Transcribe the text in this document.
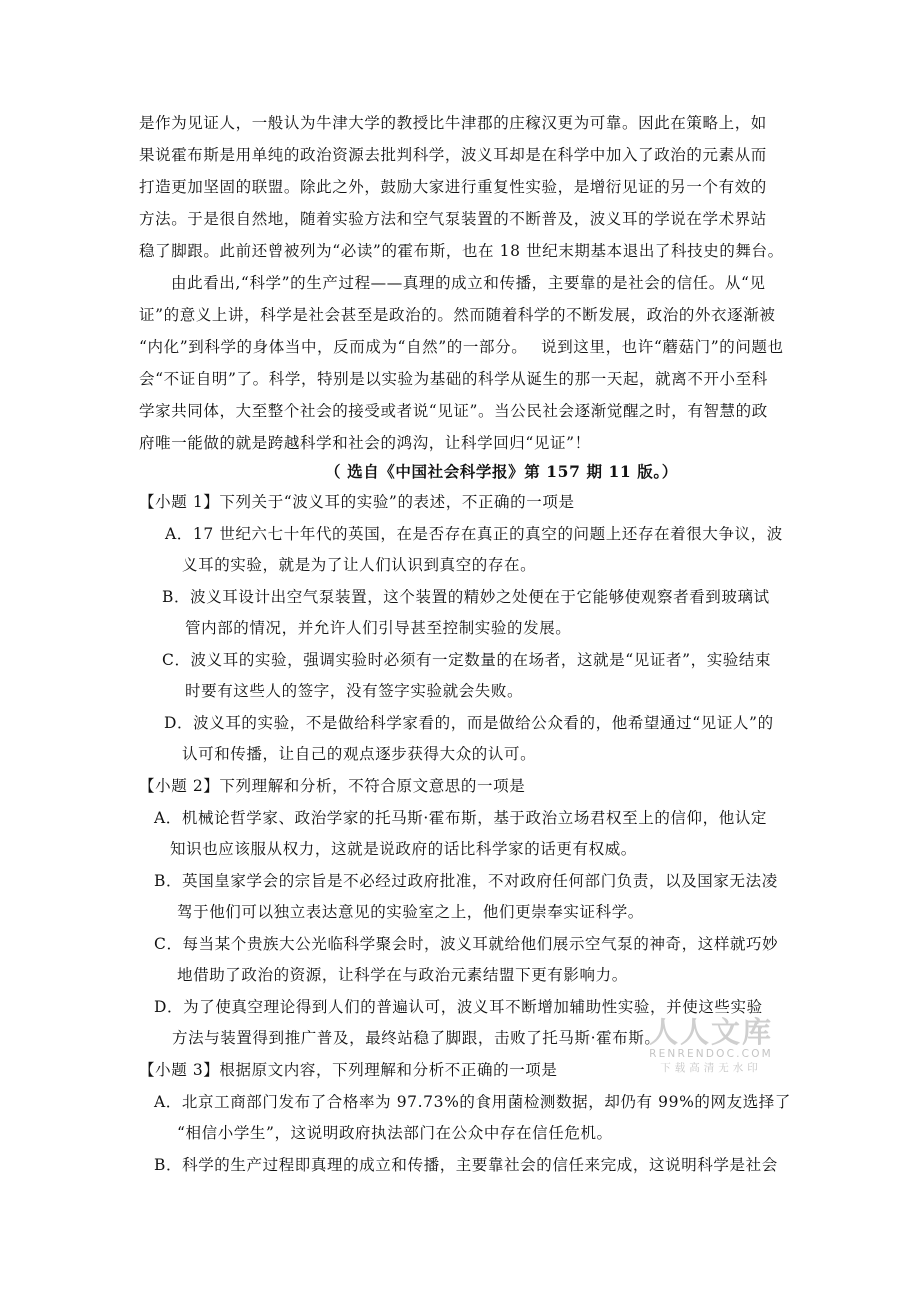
是作为见证人，一般认为牛津大学的教授比牛津郡的庄稼汉更为可靠。因此在策略上，如

果说霍布斯是用单纯的政治资源去批判科学，波义耳却是在科学中加入了政治的元素从而

打造更加坚固的联盟。除此之外，鼓励大家进行重复性实验，是增衍见证的另一个有效的

方法。于是很自然地，随着实验方法和空气泵装置的不断普及，波义耳的学说在学术界站

稳了脚跟。此前还曾被列为“必读”的霍布斯，也在 18 世纪末期基本退出了科技史的舞台。

由此看出,“科学”的生产过程——真理的成立和传播，主要靠的是社会的信任。从“见

证”的意义上讲，科学是社会甚至是政治的。然而随着科学的不断发展，政治的外衣逐渐被

“内化”到科学的身体当中，反而成为“自然”的一部分。　 说到这里，也许“蘑菇门”的问题也

会“不证自明”了。科学，特别是以实验为基础的科学从诞生的那一天起，就离不开小至科

学家共同体，大至整个社会的接受或者说“见证”。当公民社会逐渐觉醒之时，有智慧的政

府唯一能做的就是跨越科学和社会的鸿沟，让科学回归“见证”！

（ 选自《中国社会科学报》第 157 期 11 版。）

【小题 1】下列关于“波义耳的实验”的表述，不正确的一项是

A．17 世纪六七十年代的英国，在是否存在真正的真空的问题上还存在着很大争议，波

义耳的实验，就是为了让人们认识到真空的存在。

B．波义耳设计出空气泵装置，这个装置的精妙之处便在于它能够使观察者看到玻璃试

管内部的情况，并允许人们引导甚至控制实验的发展。

C．波义耳的实验，强调实验时必须有一定数量的在场者，这就是“见证者”，实验结束

时要有这些人的签字，没有签字实验就会失败。

D．波义耳的实验，不是做给科学家看的，而是做给公众看的，他希望通过“见证人”的

认可和传播，让自己的观点逐步获得大众的认可。

【小题 2】下列理解和分析，不符合原文意思的一项是

A．机械论哲学家、政治学家的托马斯·霍布斯，基于政治立场君权至上的信仰，他认定

知识也应该服从权力，这就是说政府的话比科学家的话更有权威。

B．英国皇家学会的宗旨是不必经过政府批准，不对政府任何部门负责，以及国家无法凌

驾于他们可以独立表达意见的实验室之上，他们更崇奉实证科学。

C．每当某个贵族大公光临科学聚会时，波义耳就给他们展示空气泵的神奇，这样就巧妙

地借助了政治的资源，让科学在与政治元素结盟下更有影响力。

D．为了使真空理论得到人们的普遍认可，波义耳不断增加辅助性实验，并使这些实验

方法与装置得到推广普及，最终站稳了脚跟，击败了托马斯·霍布斯。

【小题 3】根据原文内容，下列理解和分析不正确的一项是

A．北京工商部门发布了合格率为 97.73%的食用菌检测数据，却仍有 99%的网友选择了

“相信小学生”，这说明政府执法部门在公众中存在信任危机。

B．科学的生产过程即真理的成立和传播，主要靠社会的信任来完成，这说明科学是社会

人人文库
RENRENDOC.COM
下载高清无水印
